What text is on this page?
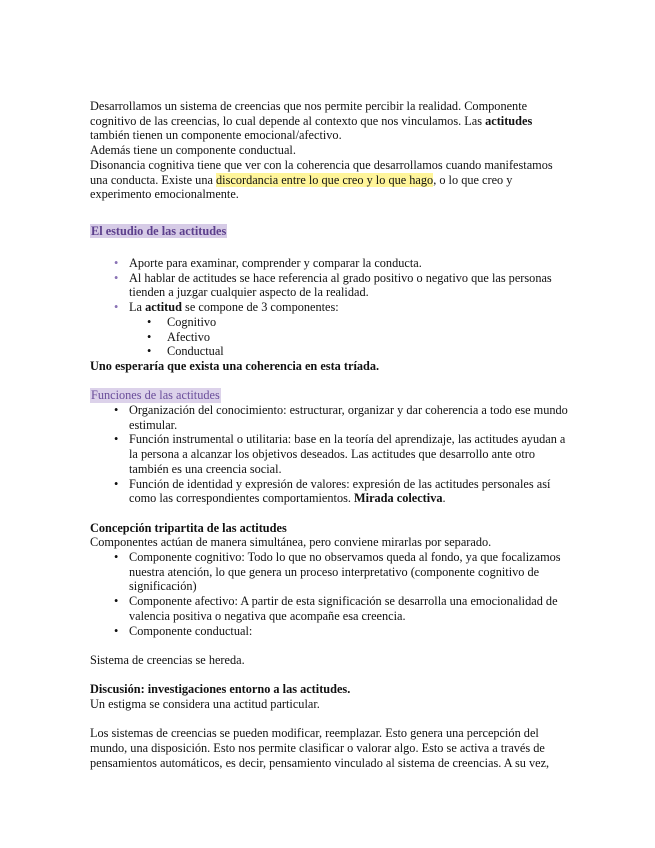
Desarrollamos un sistema de creencias que nos permite percibir la realidad. Componente

cognitivo de las creencias, lo cual depende al contexto que nos vinculamos. Las actitudes

también tienen un componente emocional/afectivo.

Además tiene un componente conductual.

Disonancia cognitiva tiene que ver con la coherencia que desarrollamos cuando manifestamos

una conducta. Existe una discordancia entre lo que creo y lo que hago, o lo que creo y

experimento emocionalmente.

El estudio de las actitudes

• Aporte para examinar, comprender y comparar la conducta.
• Al hablar de actitudes se hace referencia al grado positivo o negativo que las personas tienden a juzgar cualquier aspecto de la realidad.
• La actitud se compone de 3 componentes:
• Cognitivo
• Afectivo
• Conductual

Uno esperaría que exista una coherencia en esta tríada.

Funciones de las actitudes

• Organización del conocimiento: estructurar, organizar y dar coherencia a todo ese mundo estimular.
• Función instrumental o utilitaria: base en la teoría del aprendizaje, las actitudes ayudan a la persona a alcanzar los objetivos deseados. Las actitudes que desarrollo ante otro también es una creencia social.
• Función de identidad y expresión de valores: expresión de las actitudes personales así como las correspondientes comportamientos. Mirada colectiva.

Concepción tripartita de las actitudes

Componentes actúan de manera simultánea, pero conviene mirarlas por separado.

• Componente cognitivo: Todo lo que no observamos queda al fondo, ya que focalizamos nuestra atención, lo que genera un proceso interpretativo (componente cognitivo de significación)
• Componente afectivo: A partir de esta significación se desarrolla una emocionalidad de valencia positiva o negativa que acompañe esa creencia.
• Componente conductual:

Sistema de creencias se hereda.

Discusión: investigaciones entorno a las actitudes.

Un estigma se considera una actitud particular.

Los sistemas de creencias se pueden modificar, reemplazar. Esto genera una percepción del

mundo, una disposición. Esto nos permite clasificar o valorar algo. Esto se activa a través de

pensamientos automáticos, es decir, pensamiento vinculado al sistema de creencias. A su vez,
